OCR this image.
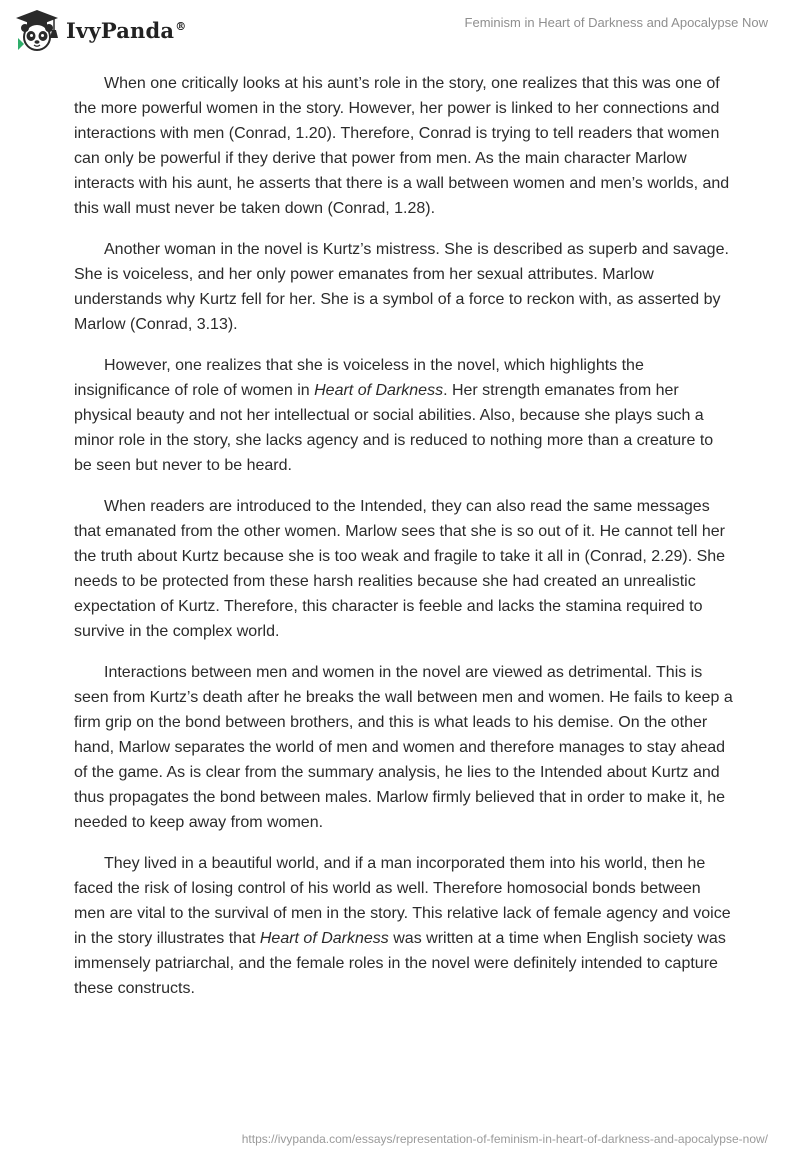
IvyPanda®	Feminism in Heart of Darkness and Apocalypse Now

When one critically looks at his aunt’s role in the story, one realizes that this was one of the more powerful women in the story. However, her power is linked to her connections and interactions with men (Conrad, 1.20). Therefore, Conrad is trying to tell readers that women can only be powerful if they derive that power from men. As the main character Marlow interacts with his aunt, he asserts that there is a wall between women and men’s worlds, and this wall must never be taken down (Conrad, 1.28).

Another woman in the novel is Kurtz’s mistress. She is described as superb and savage. She is voiceless, and her only power emanates from her sexual attributes. Marlow understands why Kurtz fell for her. She is a symbol of a force to reckon with, as asserted by Marlow (Conrad, 3.13).

However, one realizes that she is voiceless in the novel, which highlights the insignificance of role of women in Heart of Darkness. Her strength emanates from her physical beauty and not her intellectual or social abilities. Also, because she plays such a minor role in the story, she lacks agency and is reduced to nothing more than a creature to be seen but never to be heard.

When readers are introduced to the Intended, they can also read the same messages that emanated from the other women. Marlow sees that she is so out of it. He cannot tell her the truth about Kurtz because she is too weak and fragile to take it all in (Conrad, 2.29). She needs to be protected from these harsh realities because she had created an unrealistic expectation of Kurtz. Therefore, this character is feeble and lacks the stamina required to survive in the complex world.

Interactions between men and women in the novel are viewed as detrimental. This is seen from Kurtz’s death after he breaks the wall between men and women. He fails to keep a firm grip on the bond between brothers, and this is what leads to his demise. On the other hand, Marlow separates the world of men and women and therefore manages to stay ahead of the game. As is clear from the summary analysis, he lies to the Intended about Kurtz and thus propagates the bond between males. Marlow firmly believed that in order to make it, he needed to keep away from women.

They lived in a beautiful world, and if a man incorporated them into his world, then he faced the risk of losing control of his world as well. Therefore homosocial bonds between men are vital to the survival of men in the story. This relative lack of female agency and voice in the story illustrates that Heart of Darkness was written at a time when English society was immensely patriarchal, and the female roles in the novel were definitely intended to capture these constructs.

https://ivypanda.com/essays/representation-of-feminism-in-heart-of-darkness-and-apocalypse-now/
